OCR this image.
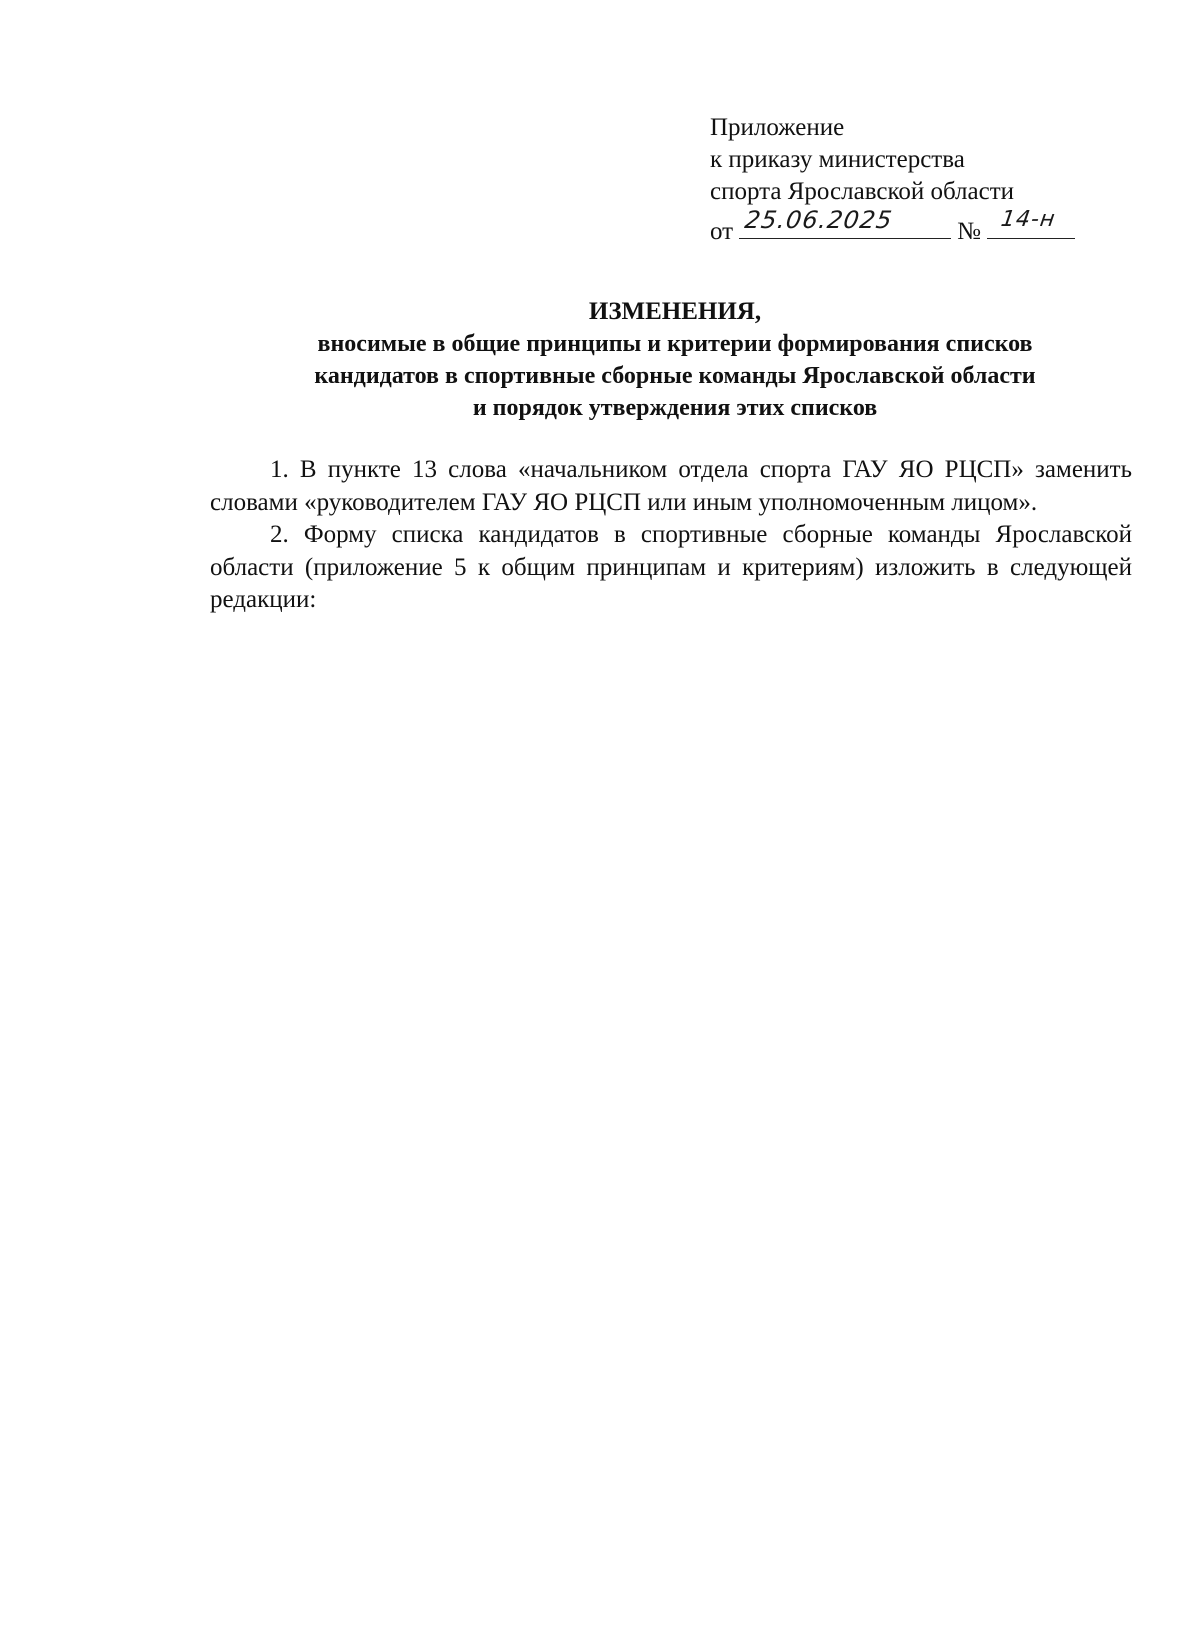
Приложение
к приказу министерства
спорта Ярославской области
от 25.06.2025	№ 14-н
ИЗМЕНЕНИЯ,
вносимые в общие принципы и критерии формирования списков
кандидатов в спортивные сборные команды Ярославской области
и порядок утверждения этих списков

1. В пункте 13 слова «начальником отдела спорта ГАУ ЯО РЦСП» заменить словами «руководителем ГАУ ЯО РЦСП или иным уполномоченным лицом».

2. Форму списка кандидатов в спортивные сборные команды Ярославской области (приложение 5 к общим принципам и критериям) изложить в следующей редакции:
